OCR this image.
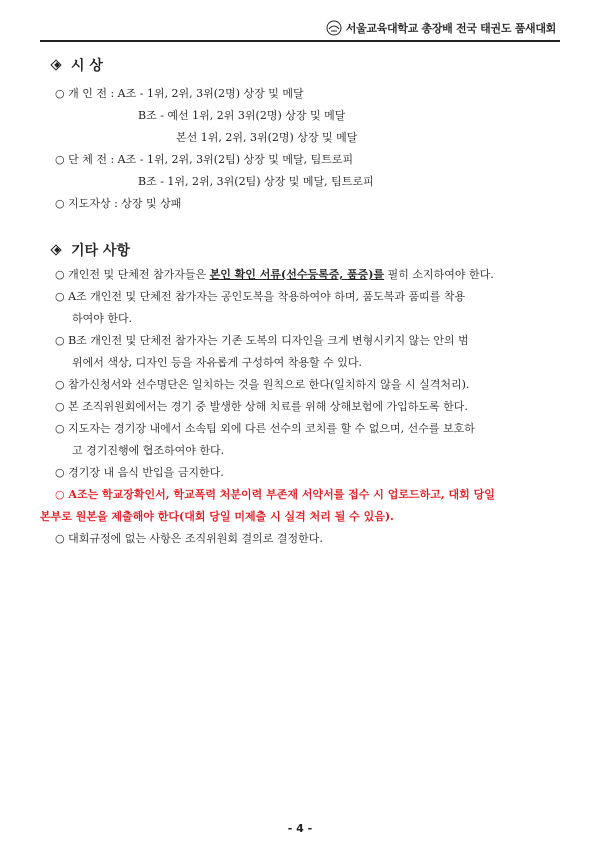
서울교육대학교 총장배 전국 태권도 품새대회
시 상
○ 개 인 전 : A조 - 1위, 2위, 3위(2명) 상장 및 메달
B조 - 예선 1위, 2위 3위(2명) 상장 및 메달
본선 1위, 2위, 3위(2명) 상장 및 메달
○ 단 체 전 : A조 - 1위, 2위, 3위(2팀) 상장 및 메달, 팀트로피
B조 - 1위, 2위, 3위(2팀) 상장 및 메달, 팀트로피
○ 지도자상 : 상장 및 상패
기타 사항
○ 개인전 및 단체전 참가자들은 본인 확인 서류(선수등록증, 품증)를 필히 소지하여야 한다.
○ A조 개인전 및 단체전 참가자는 공인도복을 착용하여야 하며, 품도복과 품띠를 착용
하여야 한다.
○ B조 개인전 및 단체전 참가자는 기존 도복의 디자인을 크게 변형시키지 않는 안의 범
위에서 색상, 디자인 등을 자유롭게 구성하여 착용할 수 있다.
○ 참가신청서와 선수명단은 일치하는 것을 원칙으로 한다(일치하지 않을 시 실격처리).
○ 본 조직위원회에서는 경기 중 발생한 상해 치료를 위해 상해보험에 가입하도록 한다.
○ 지도자는 경기장 내에서 소속팀 외에 다른 선수의 코치를 할 수 없으며, 선수를 보호하
고 경기진행에 협조하여야 한다.
○ 경기장 내 음식 반입을 금지한다.
○ A조는 학교장확인서, 학교폭력 처분이력 부존재 서약서를 접수 시 업로드하고, 대회 당일
본부로 원본을 제출해야 한다(대회 당일 미제출 시 실격 처리 될 수 있음).
○ 대회규정에 없는 사항은 조직위원회 결의로 결정한다.
- 4 -
